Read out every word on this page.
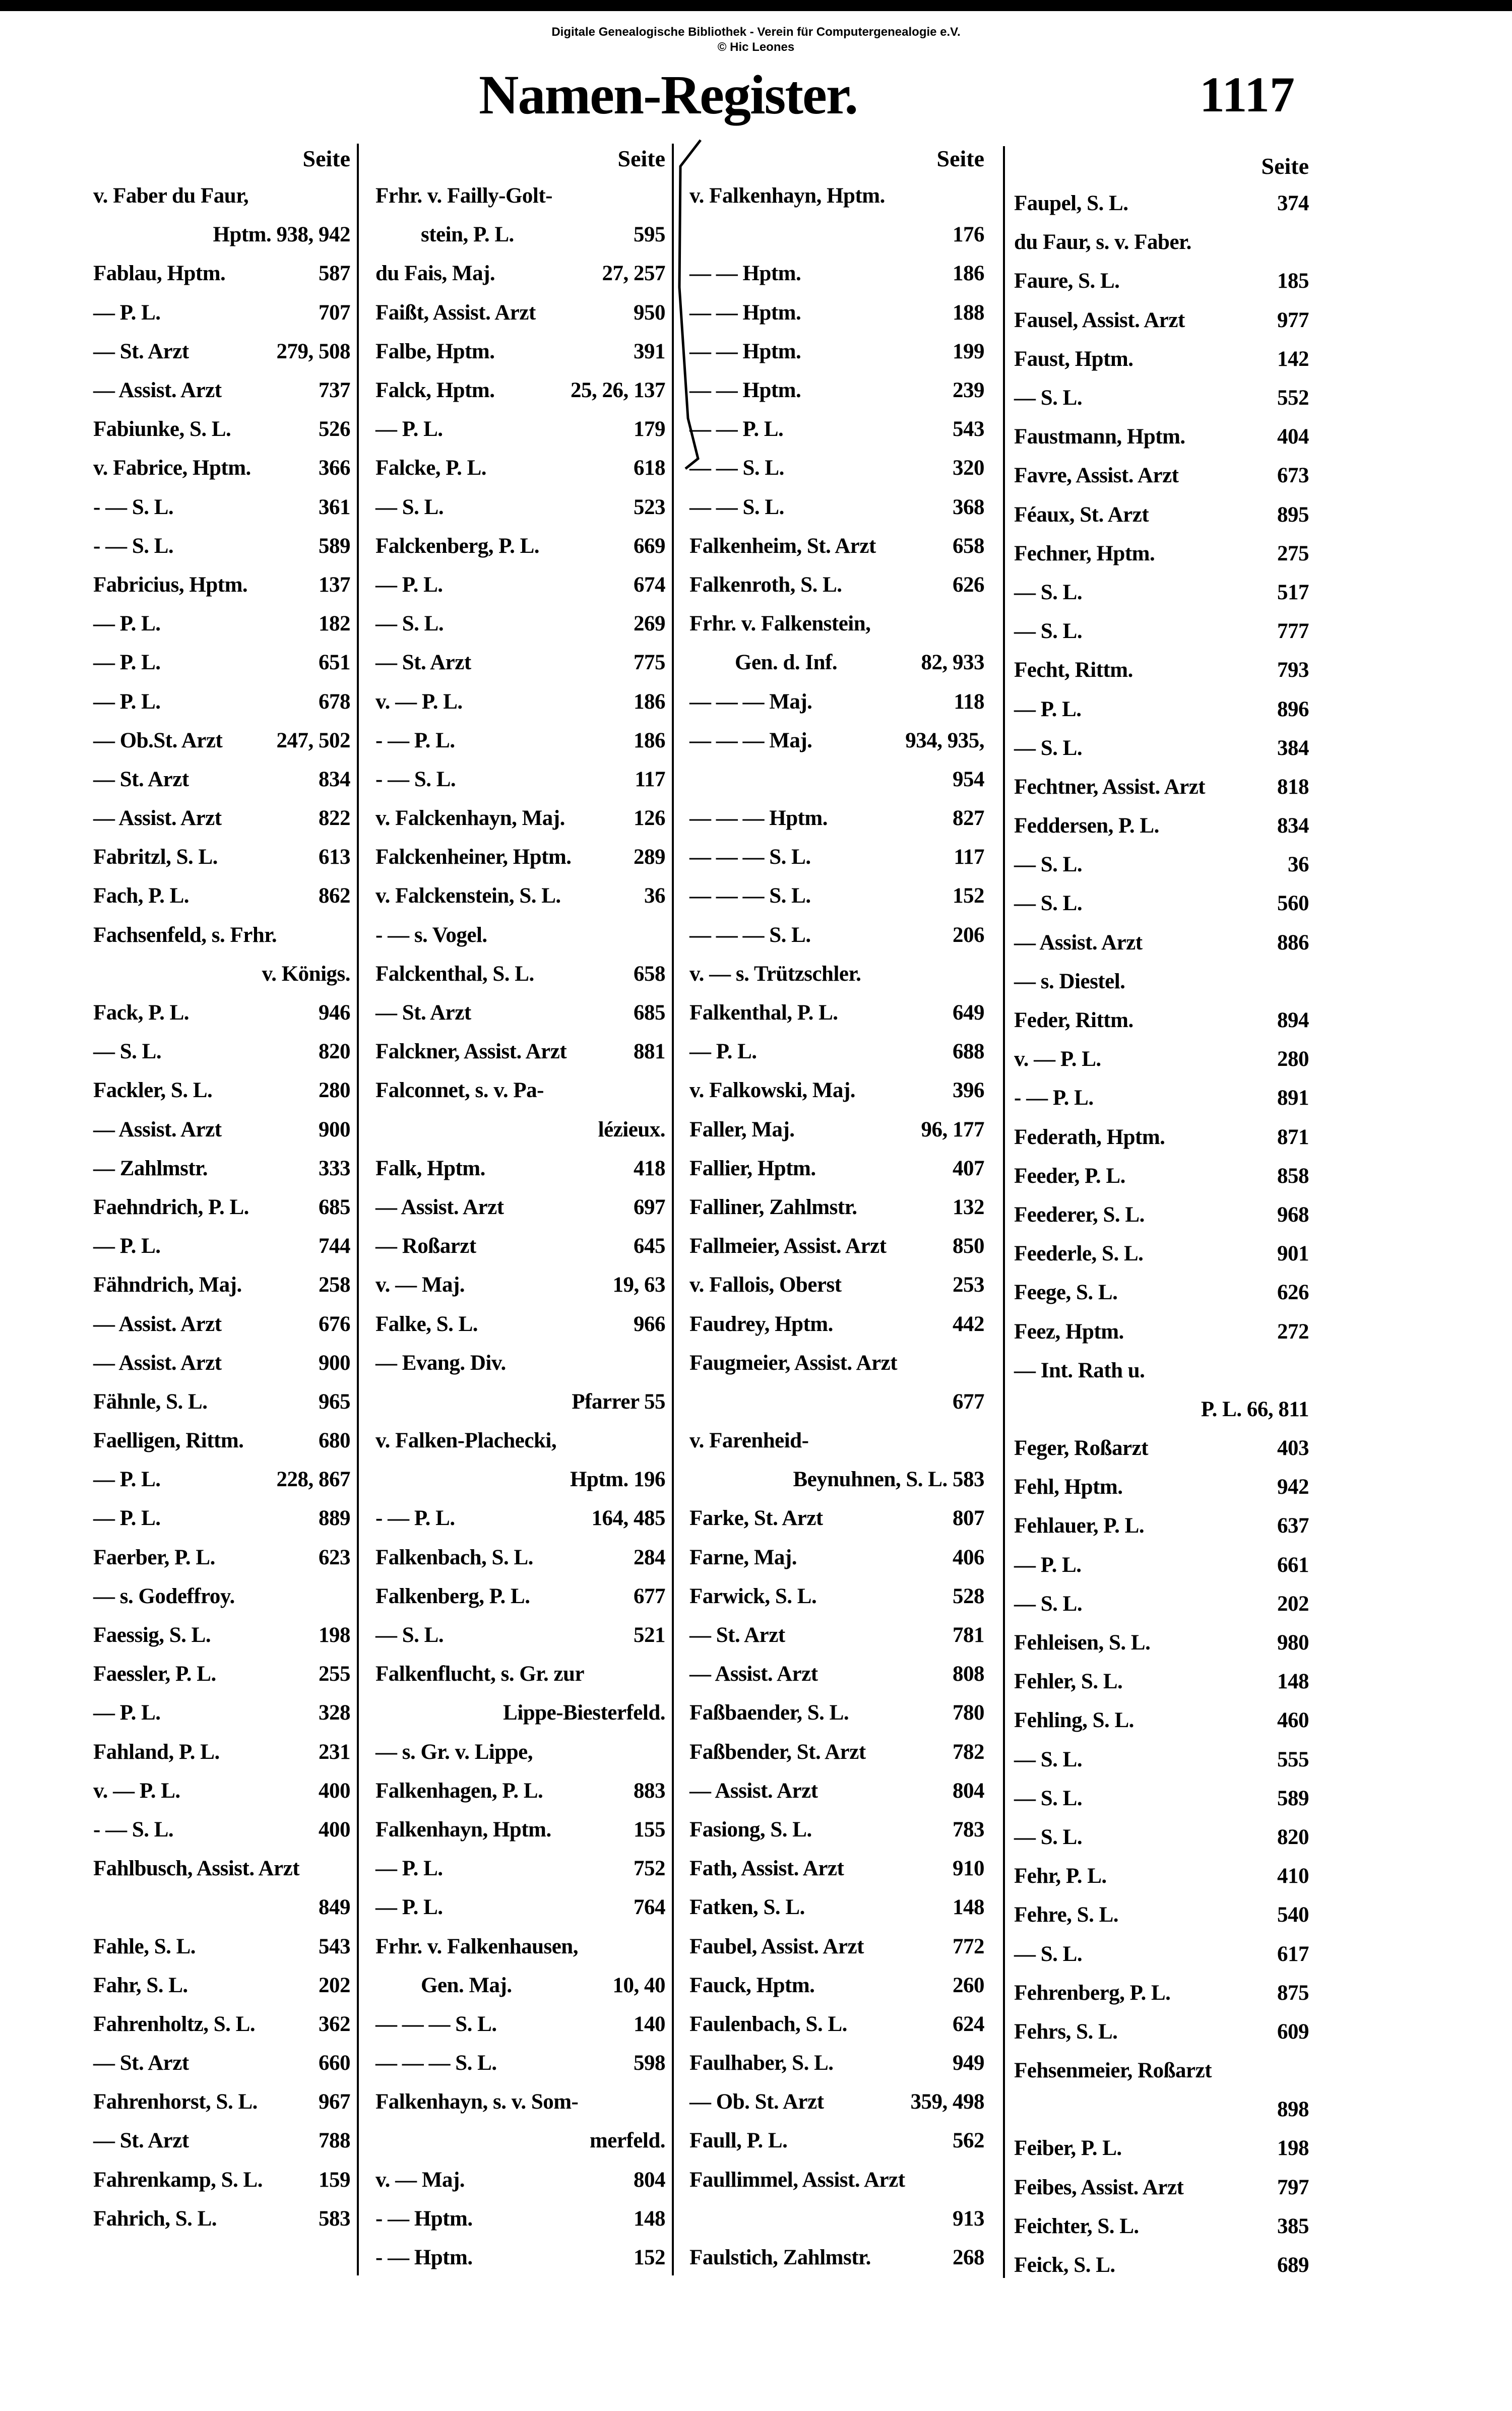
Digitale Genealogische Bibliothek - Verein für Computergenealogie e.V.
© Hic Leones
Namen-Register.	1117
Seite
v. Faber du Faur,
Hptm. 938, 942
Fablau, Hptm.	587
— P. L.	707
— St. Arzt	279, 508
— Assist. Arzt	737
Fabiunke, S. L.	526
v. Fabrice, Hptm.	366
- — S. L.	361
- — S. L.	589
Fabricius, Hptm.	137
— P. L.	182
— P. L.	651
— P. L.	678
— Ob.St. Arzt 247, 502
— St. Arzt	834
— Assist. Arzt	822
Fabritzl, S. L.	613
Fach, P. L.	862
Fachsenfeld, s. Frhr.
v. Königs.
Fack, P. L.	946
— S. L.	820
Fackler, S. L.	280
— Assist. Arzt	900
— Zahlmstr.	333
Faehndrich, P. L.	685
— P. L.	744
Fähndrich, Maj.	258
— Assist. Arzt	676
— Assist. Arzt	900
Fähnle, S. L.	965
Faelligen, Rittm.	680
— P. L.	228, 867
— P. L.	889
Faerber, P. L.	623
— s. Godeffroy.
Faessig, S. L.	198
Faessler, P. L.	255
— P. L.	328
Fahland, P. L.	231
v. — P. L.	400
- — S. L.	400
Fahlbusch, Assist. Arzt
849
Fahle, S. L.	543
Fahr, S. L.	202
Fahrenholtz, S. L.	362
— St. Arzt	660
Fahrenhorst, S. L.	967
— St. Arzt	788
Fahrenkamp, S. L.	159
Fahrich, S. L.	583
Seite
Frhr. v. Failly-Golt-
stein, P. L.	595
du Fais, Maj.	27, 257
Faißt, Assist. Arzt	950
Falbe, Hptm.	391
Falck, Hptm.	25, 26, 137
— P. L.	179
Falcke, P. L.	618
— S. L.	523
Falckenberg, P. L.	669
— P. L.	674
— S. L.	269
— St. Arzt	775
v. — P. L.	186
- — P. L.	186
- — S. L.	117
v. Falckenhayn, Maj.	126
Falckenheiner, Hptm.	289
v. Falckenstein, S. L.	36
- — s. Vogel.
Falckenthal, S. L.	658
— St. Arzt	685
Falckner, Assist. Arzt	881
Falconnet, s. v. Pa-
lézieux.
Falk, Hptm.	418
— Assist. Arzt	697
— Roßarzt	645
v. — Maj.	19, 63
Falke, S. L.	966
— Evang. Div.
Pfarrer 55
v. Falken-Plachecki,
Hptm. 196
- — P. L.	164, 485
Falkenbach, S. L.	284
Falkenberg, P. L.	677
— S. L.	521
Falkenflucht, s. Gr. zur
Lippe-Biesterfeld.
— s. Gr. v. Lippe,
Falkenhagen, P. L.	883
Falkenhayn, Hptm.	155
— P. L.	752
— P. L.	764
Frhr. v. Falkenhausen,
Gen. Maj.	10, 40
— — — S. L.	140
— — — S. L.	598
Falkenhayn, s. v. Som-
merfeld.
v. — Maj.	804
- — Hptm.	148
- — Hptm.	152
Seite
v. Falkenhayn, Hptm.
176
— — Hptm.	186
— — Hptm.	188
— — Hptm.	199
— — Hptm.	239
— — P. L.	543
— — S. L.	320
— — S. L.	368
Falkenheim, St. Arzt	658
Falkenroth, S. L.	626
Frhr. v. Falkenstein,
Gen. d. Inf.	82, 933
— — — Maj.	118
— — — Maj.	934, 935,
954
— — — Hptm.	827
— — — S. L.	117
— — — S. L.	152
— — — S. L.	206
v. — s. Trützschler.
Falkenthal, P. L.	649
— P. L.	688
v. Falkowski, Maj.	396
Faller, Maj.	96, 177
Fallier, Hptm.	407
Falliner, Zahlmstr.	132
Fallmeier, Assist. Arzt	850
v. Fallois, Oberst	253
Faudrey, Hptm.	442
Faugmeier, Assist. Arzt
677
v. Farenheid-
Beynuhnen, S. L. 583
Farke, St. Arzt	807
Farne, Maj.	406
Farwick, S. L.	528
— St. Arzt	781
— Assist. Arzt	808
Faßbaender, S. L.	780
Faßbender, St. Arzt	782
— Assist. Arzt	804
Fasiong, S. L.	783
Fath, Assist. Arzt	910
Fatken, S. L.	148
Faubel, Assist. Arzt	772
Fauck, Hptm.	260
Faulenbach, S. L.	624
Faulhaber, S. L.	949
— Ob. St. Arzt	359, 498
Faull, P. L.	562
Faullimmel, Assist. Arzt
913
Faulstich, Zahlmstr.	268
Seite
Faupel, S. L.	374
du Faur, s. v. Faber.
Faure, S. L.	185
Fausel, Assist. Arzt	977
Faust, Hptm.	142
— S. L.	552
Faustmann, Hptm.	404
Favre, Assist. Arzt	673
Féaux, St. Arzt	895
Fechner, Hptm.	275
— S. L.	517
— S. L.	777
Fecht, Rittm.	793
— P. L.	896
— S. L.	384
Fechtner, Assist. Arzt	818
Feddersen, P. L.	834
— S. L.	36
— S. L.	560
— Assist. Arzt	886
— s. Diestel.
Feder, Rittm.	894
v. — P. L.	280
- — P. L.	891
Federath, Hptm.	871
Feeder, P. L.	858
Feederer, S. L.	968
Feederle, S. L.	901
Feege, S. L.	626
Feez, Hptm.	272
— Int. Rath u.
P. L. 66, 811
Feger, Roßarzt	403
Fehl, Hptm.	942
Fehlauer, P. L.	637
— P. L.	661
— S. L.	202
Fehleisen, S. L.	980
Fehler, S. L.	148
Fehling, S. L.	460
— S. L.	555
— S. L.	589
— S. L.	820
Fehr, P. L.	410
Fehre, S. L.	540
— S. L.	617
Fehrenberg, P. L.	875
Fehrs, S. L.	609
Fehsenmeier, Roßarzt
898
Feiber, P. L.	198
Feibes, Assist. Arzt	797
Feichter, S. L.	385
Feick, S. L.	689
